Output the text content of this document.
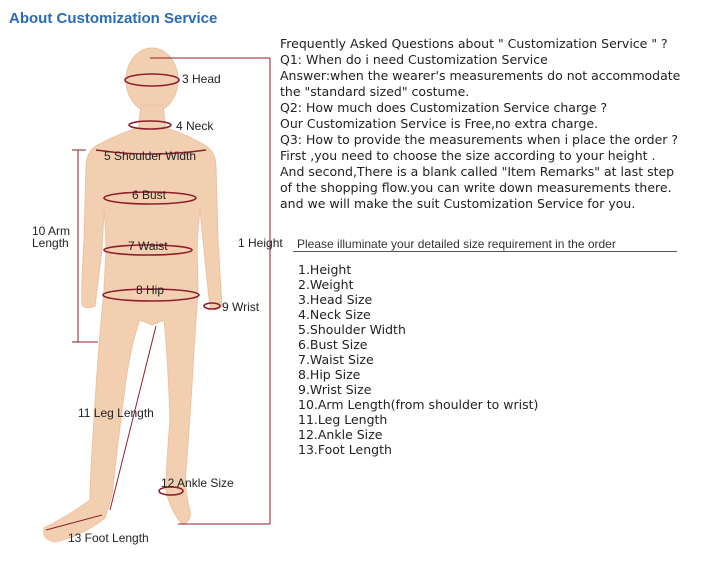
About Customization Service
3 Head
4 Neck
5 Shoulder Width
6 Bust
10 Arm
Length	7 Waist	1 Height
8 Hip
9 Wrist
11 Leg Length
12 Ankle Size
13 Foot Length
Frequently Asked Questions about " Customization Service " ?
Q1: When do i need Customization Service
Answer:when the wearer's measurements do not accommodate
the "standard sized" costume.
Q2: How much does Customization Service charge ?
Our Customization Service is Free,no extra charge.
Q3: How to provide the measurements when i place the order ?
First ,you need to choose the size according to your height .
And second,There is a blank called "Item Remarks" at last step
of the shopping flow.you can write down measurements there.
and we will make the suit Customization Service for you.
Please illuminate your detailed size requirement in the order
1.Height
2.Weight
3.Head Size
4.Neck Size
5.Shoulder Width
6.Bust Size
7.Waist Size
8.Hip Size
9.Wrist Size
10.Arm Length(from shoulder to wrist)
11.Leg Length
12.Ankle Size
13.Foot Length
